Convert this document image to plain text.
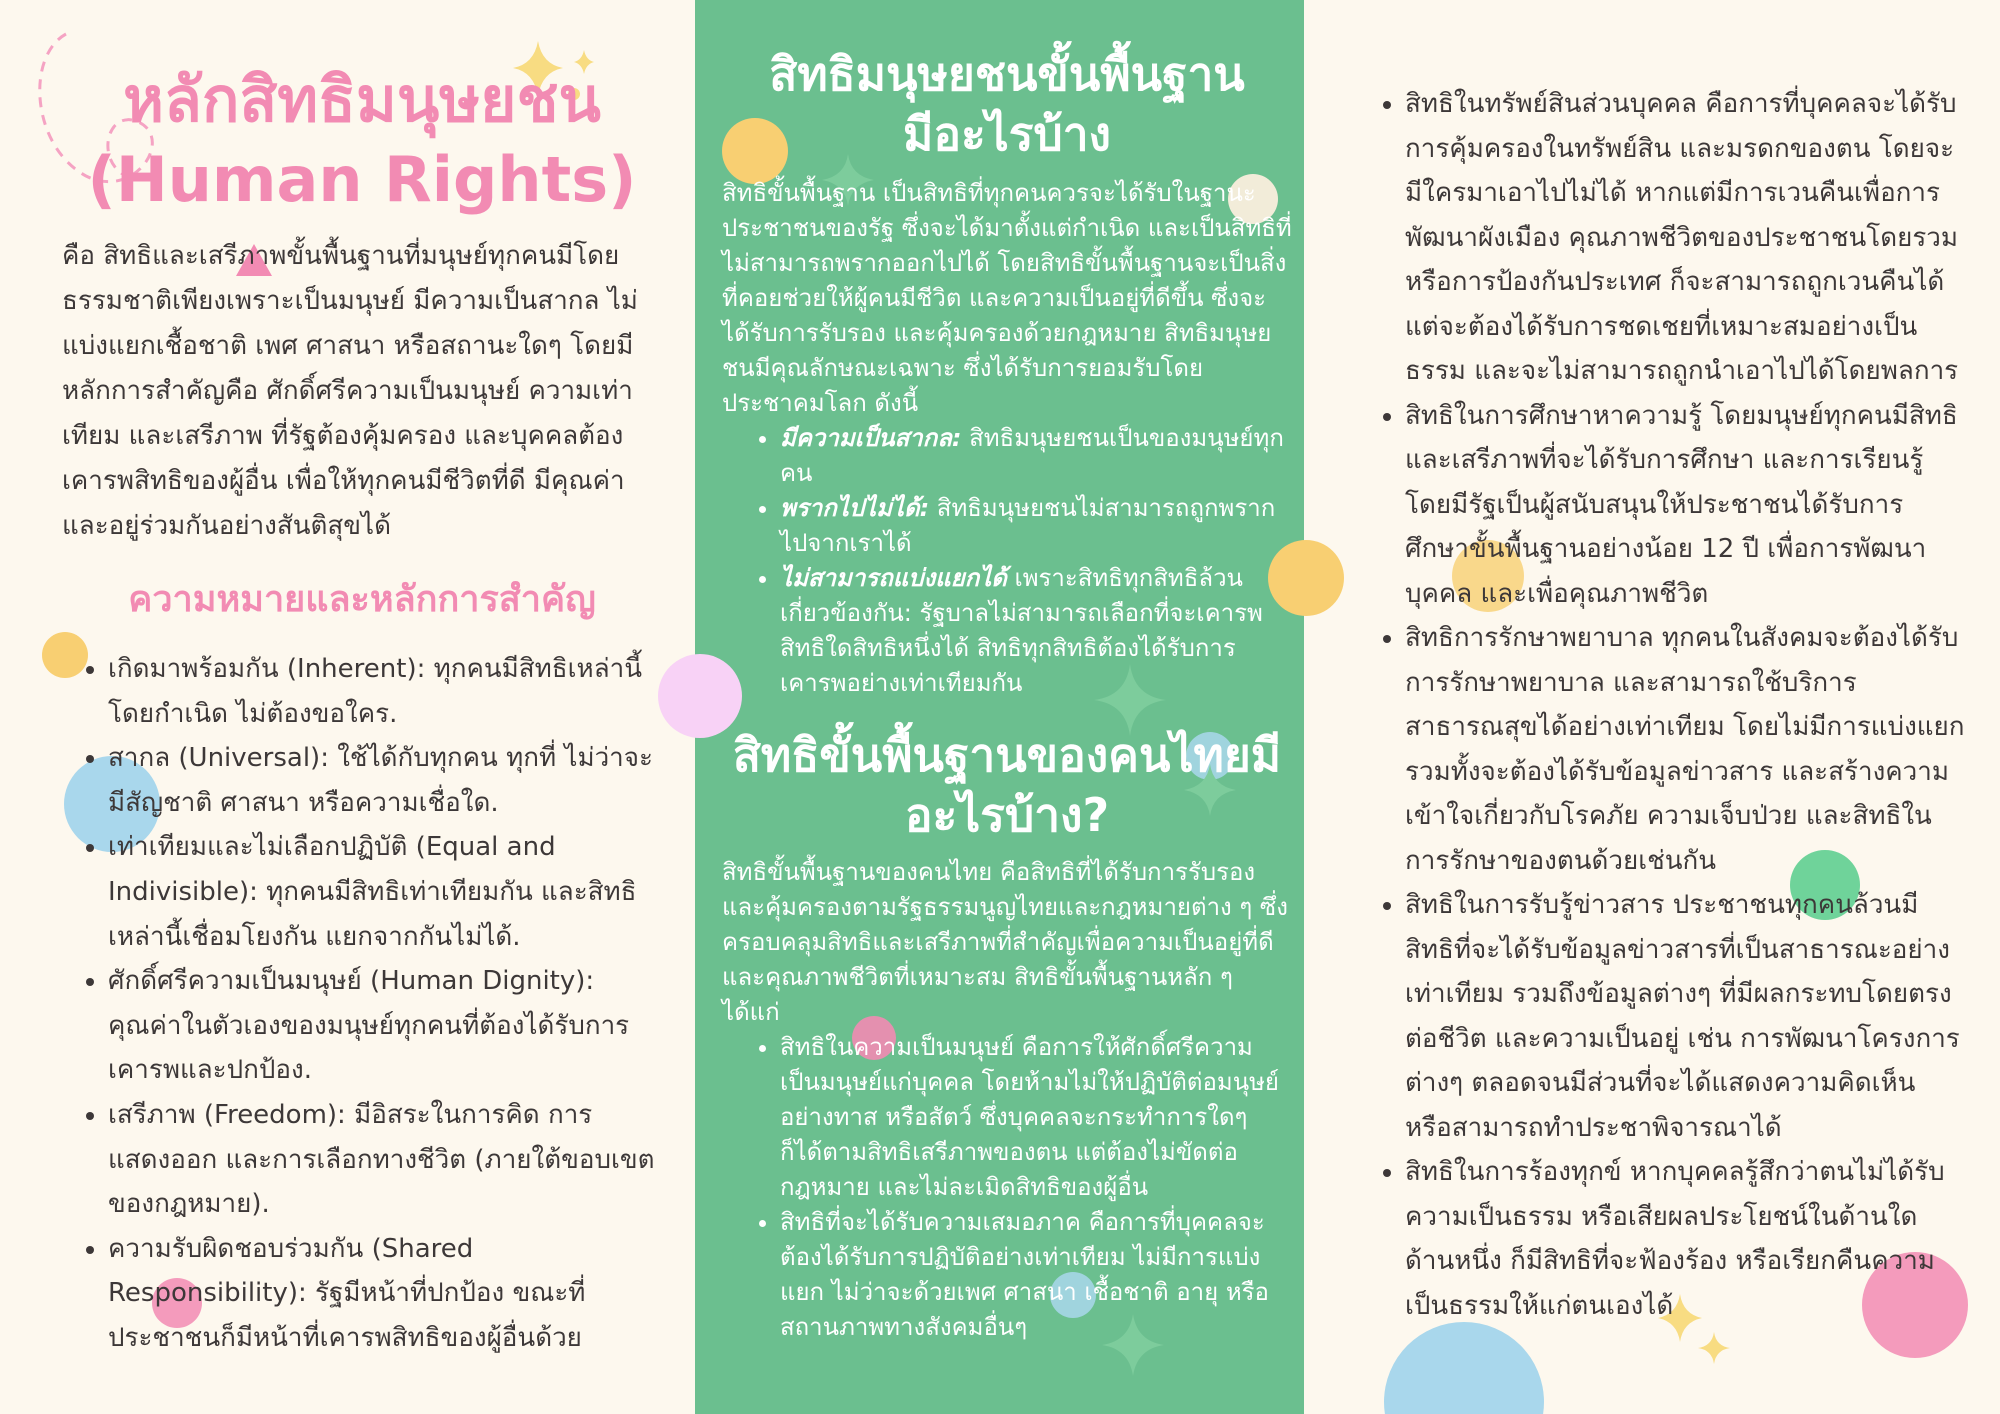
หลักสิทธิมนุษยชน
(Human Rights)

คือ สิทธิและเสรีภาพขั้นพื้นฐานที่มนุษย์ทุกคนมีโดยธรรมชาติเพียงเพราะเป็นมนุษย์ มีความเป็นสากล ไม่แบ่งแยกเชื้อชาติ เพศ ศาสนา หรือสถานะใดๆ โดยมีหลักการสำคัญคือ ศักดิ์ศรีความเป็นมนุษย์ ความเท่าเทียม และเสรีภาพ ที่รัฐต้องคุ้มครอง และบุคคลต้องเคารพสิทธิของผู้อื่น เพื่อให้ทุกคนมีชีวิตที่ดี มีคุณค่า และอยู่ร่วมกันอย่างสันติสุขได้

ความหมายและหลักการสำคัญ
• เกิดมาพร้อมกัน (Inherent): ทุกคนมีสิทธิเหล่านี้โดยกำเนิด ไม่ต้องขอใคร.
• สากล (Universal): ใช้ได้กับทุกคน ทุกที่ ไม่ว่าจะมีสัญชาติ ศาสนา หรือความเชื่อใด.
• เท่าเทียมและไม่เลือกปฏิบัติ (Equal and Indivisible): ทุกคนมีสิทธิเท่าเทียมกัน และสิทธิเหล่านี้เชื่อมโยงกัน แยกจากกันไม่ได้.
• ศักดิ์ศรีความเป็นมนุษย์ (Human Dignity): คุณค่าในตัวเองของมนุษย์ทุกคนที่ต้องได้รับการเคารพและปกป้อง.
• เสรีภาพ (Freedom): มีอิสระในการคิด การแสดงออก และการเลือกทางชีวิต (ภายใต้ขอบเขตของกฎหมาย).
• ความรับผิดชอบร่วมกัน (Shared Responsibility): รัฐมีหน้าที่ปกป้อง ขณะที่ประชาชนก็มีหน้าที่เคารพสิทธิของผู้อื่นด้วย
สิทธิมนุษยชนขั้นพื้นฐาน
มีอะไรบ้าง

สิทธิขั้นพื้นฐาน เป็นสิทธิที่ทุกคนควรจะได้รับในฐานะประชาชนของรัฐ ซึ่งจะได้มาตั้งแต่กำเนิด และเป็นสิทธิที่ไม่สามารถพรากออกไปได้ โดยสิทธิขั้นพื้นฐานจะเป็นสิ่งที่คอยช่วยให้ผู้คนมีชีวิต และความเป็นอยู่ที่ดีขึ้น ซึ่งจะได้รับการรับรอง และคุ้มครองด้วยกฎหมาย สิทธิมนุษยชนมีคุณลักษณะเฉพาะ ซึ่งได้รับการยอมรับโดยประชาคมโลก ดังนี้

• มีความเป็นสากล: สิทธิมนุษยชนเป็นของมนุษย์ทุกคน
• พรากไปไม่ได้: สิทธิมนุษยชนไม่สามารถถูกพรากไปจากเราได้
• ไม่สามารถแบ่งแยกได้ เพราะสิทธิทุกสิทธิล้วนเกี่ยวข้องกัน: รัฐบาลไม่สามารถเลือกที่จะเคารพสิทธิใดสิทธิหนึ่งได้ สิทธิทุกสิทธิต้องได้รับการเคารพอย่างเท่าเทียมกัน
สิทธิขั้นพื้นฐานของคนไทยมี
อะไรบ้าง?

สิทธิขั้นพื้นฐานของคนไทย คือสิทธิที่ได้รับการรับรองและคุ้มครองตามรัฐธรรมนูญไทยและกฎหมายต่าง ๆ ซึ่งครอบคลุมสิทธิและเสรีภาพที่สำคัญเพื่อความเป็นอยู่ที่ดีและคุณภาพชีวิตที่เหมาะสม สิทธิขั้นพื้นฐานหลัก ๆ ได้แก่

• สิทธิในความเป็นมนุษย์ คือการให้ศักดิ์ศรีความเป็นมนุษย์แก่บุคคล โดยห้ามไม่ให้ปฏิบัติต่อมนุษย์อย่างทาส หรือสัตว์ ซึ่งบุคคลจะกระทำการใดๆ ก็ได้ตามสิทธิเสรีภาพของตน แต่ต้องไม่ขัดต่อกฎหมาย และไม่ละเมิดสิทธิของผู้อื่น
• สิทธิที่จะได้รับความเสมอภาค คือการที่บุคคลจะต้องได้รับการปฏิบัติอย่างเท่าเทียม ไม่มีการแบ่งแยก ไม่ว่าจะด้วยเพศ ศาสนา เชื้อชาติ อายุ หรือสถานภาพทางสังคมอื่นๆ
• สิทธิในทรัพย์สินส่วนบุคคล คือการที่บุคคลจะได้รับการคุ้มครองในทรัพย์สิน และมรดกของตน โดยจะมีใครมาเอาไปไม่ได้ หากแต่มีการเวนคืนเพื่อการพัฒนาผังเมือง คุณภาพชีวิตของประชาชนโดยรวม หรือการป้องกันประเทศ ก็จะสามารถถูกเวนคืนได้ แต่จะต้องได้รับการชดเชยที่เหมาะสมอย่างเป็นธรรม และจะไม่สามารถถูกนำเอาไปได้โดยพลการ
• สิทธิในการศึกษาหาความรู้ โดยมนุษย์ทุกคนมีสิทธิและเสรีภาพที่จะได้รับการศึกษา และการเรียนรู้ โดยมีรัฐเป็นผู้สนับสนุนให้ประชาชนได้รับการศึกษาขั้นพื้นฐานอย่างน้อย 12 ปี เพื่อการพัฒนาบุคคล และเพื่อคุณภาพชีวิต
• สิทธิการรักษาพยาบาล ทุกคนในสังคมจะต้องได้รับการรักษาพยาบาล และสามารถใช้บริการสาธารณสุขได้อย่างเท่าเทียม โดยไม่มีการแบ่งแยก รวมทั้งจะต้องได้รับข้อมูลข่าวสาร และสร้างความเข้าใจเกี่ยวกับโรคภัย ความเจ็บป่วย และสิทธิในการรักษาของตนด้วยเช่นกัน
• สิทธิในการรับรู้ข่าวสาร ประชาชนทุกคนล้วนมีสิทธิที่จะได้รับข้อมูลข่าวสารที่เป็นสาธารณะอย่างเท่าเทียม รวมถึงข้อมูลต่างๆ ที่มีผลกระทบโดยตรงต่อชีวิต และความเป็นอยู่ เช่น การพัฒนาโครงการต่างๆ ตลอดจนมีส่วนที่จะได้แสดงความคิดเห็น หรือสามารถทำประชาพิจารณาได้
• สิทธิในการร้องทุกข์ หากบุคคลรู้สึกว่าตนไม่ได้รับความเป็นธรรม หรือเสียผลประโยชน์ในด้านใดด้านหนึ่ง ก็มีสิทธิที่จะฟ้องร้อง หรือเรียกคืนความเป็นธรรมให้แก่ตนเองได้
